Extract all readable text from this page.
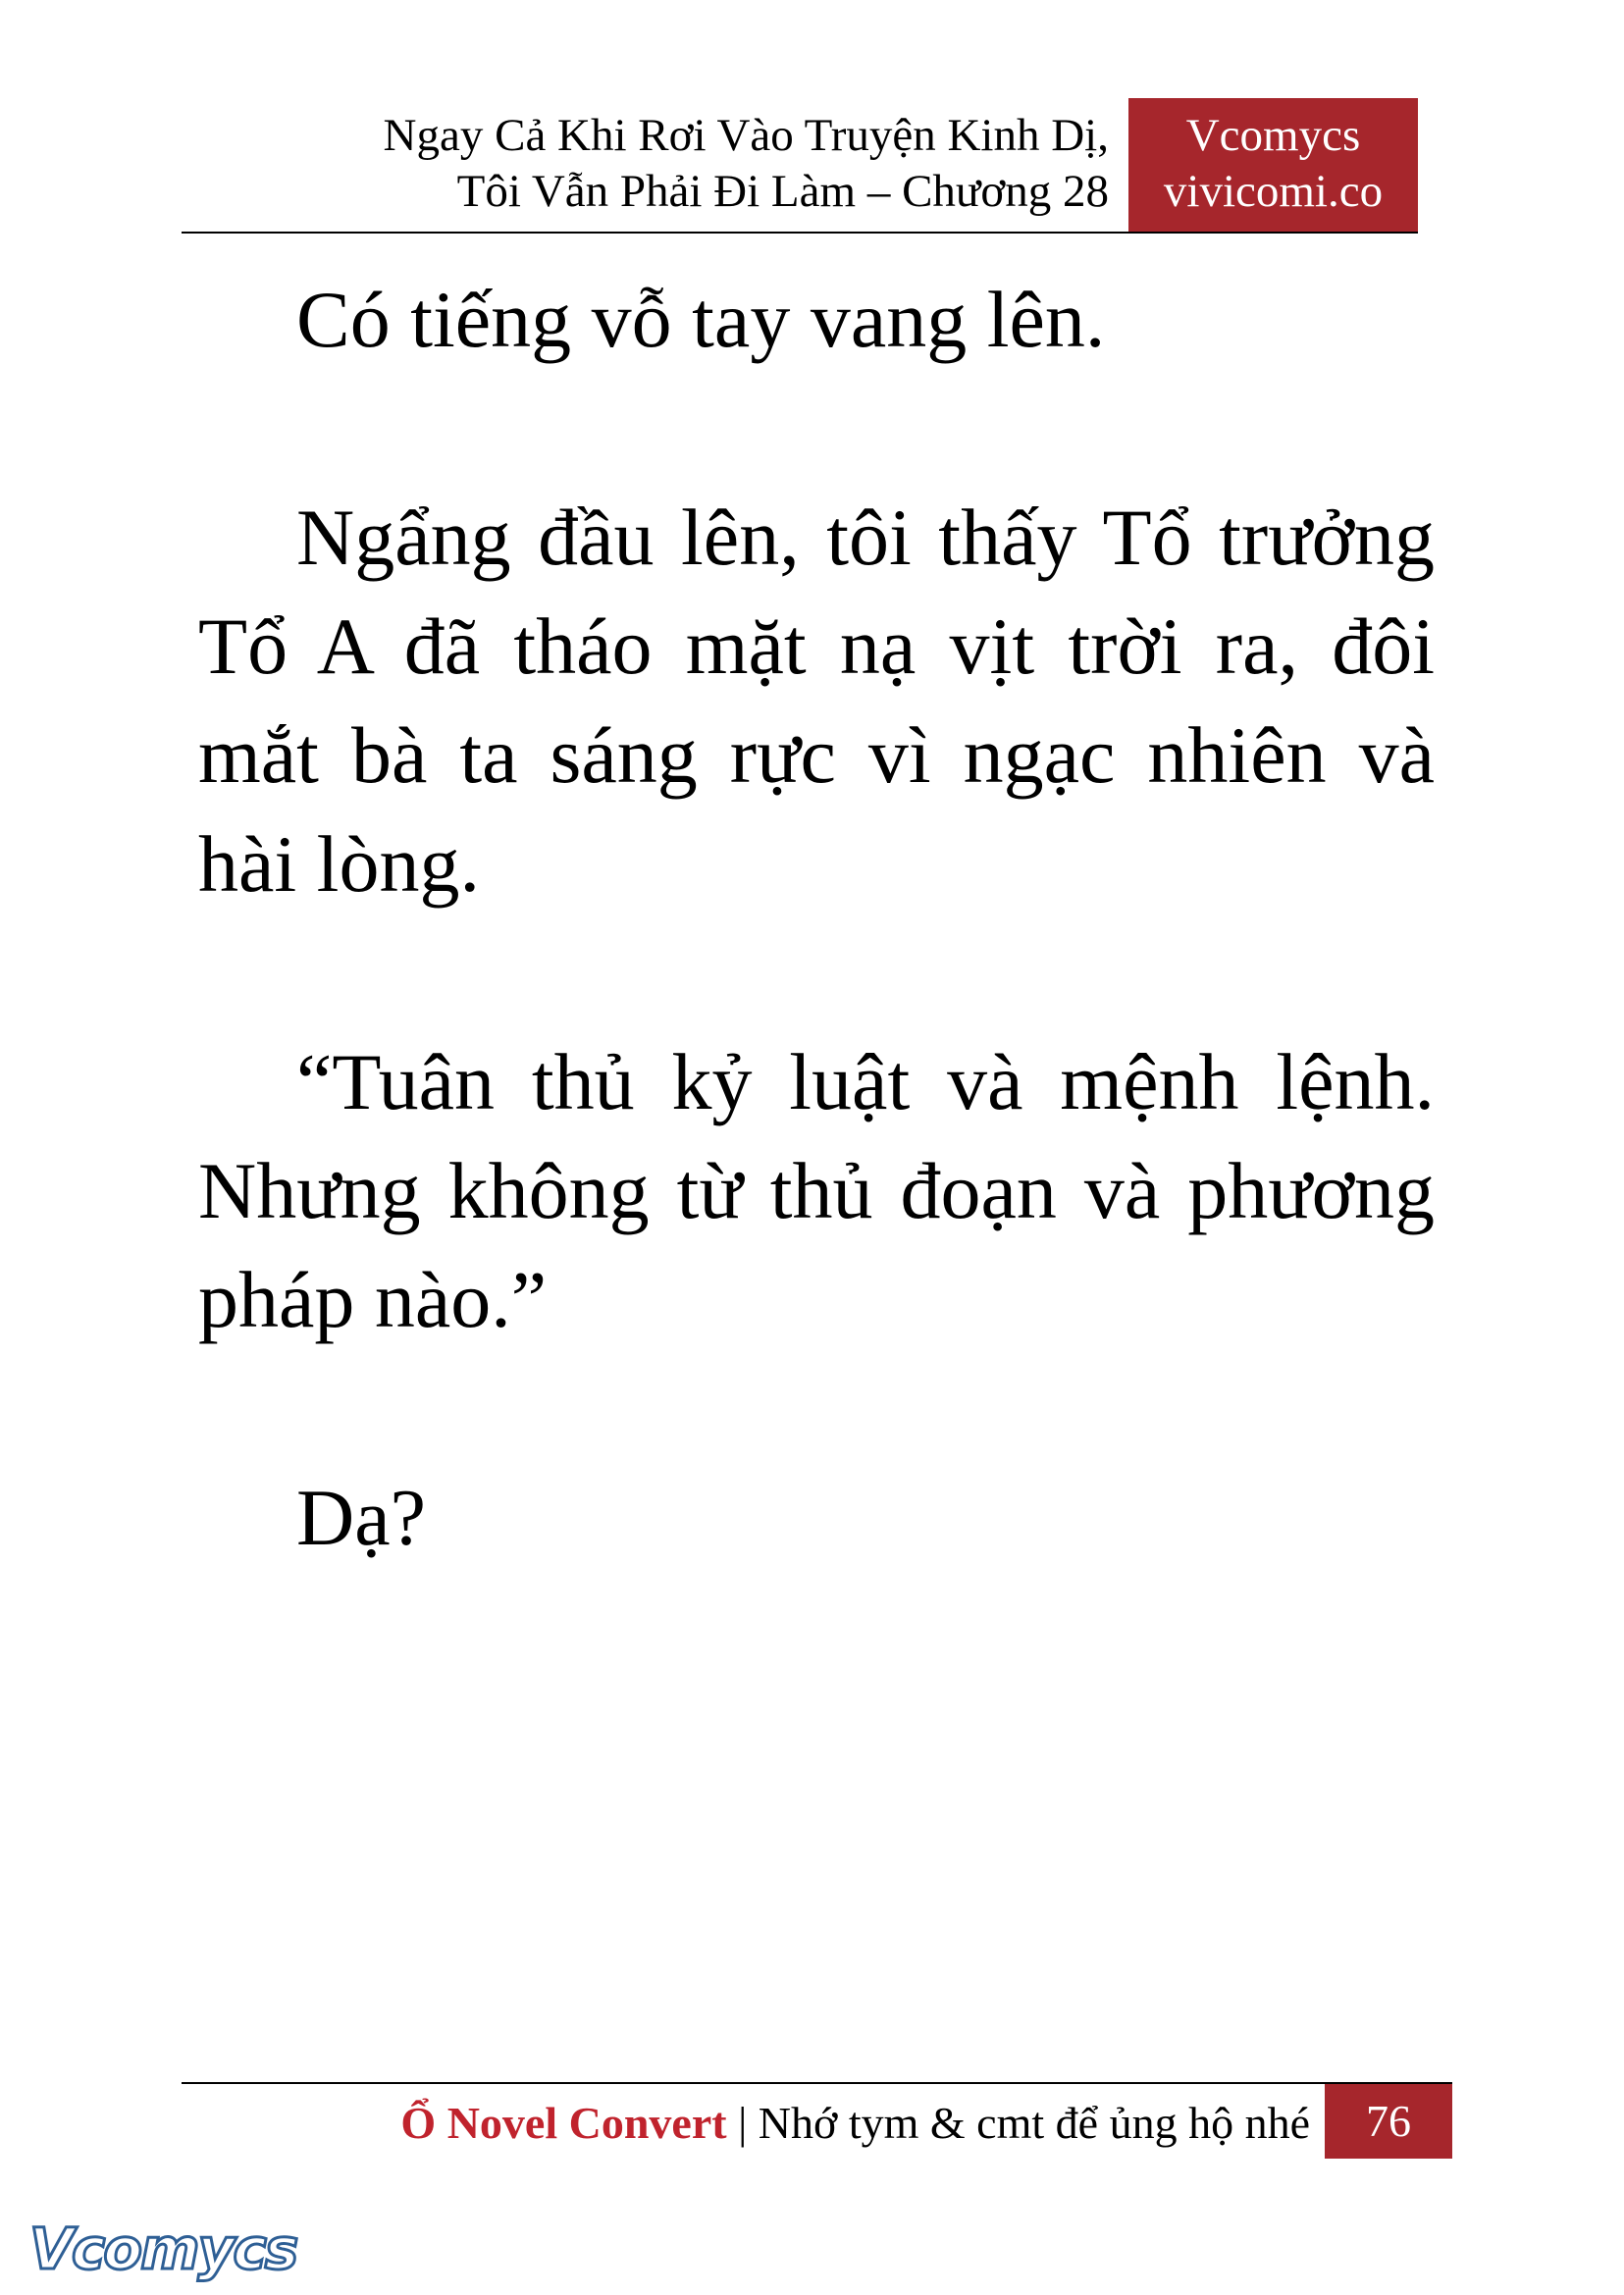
Ngay Cả Khi Rơi Vào Truyện Kinh Dị,
Tôi Vẫn Phải Đi Làm – Chương 28
Vcomycs
vivicomi.co

Có tiếng vỗ tay vang lên.

Ngẩng đầu lên, tôi thấy Tổ trưởng Tổ A đã tháo mặt nạ vịt trời ra, đôi mắt bà ta sáng rực vì ngạc nhiên và hài lòng.

“Tuân thủ kỷ luật và mệnh lệnh. Nhưng không từ thủ đoạn và phương pháp nào.”

Dạ?

Ổ Novel Convert | Nhớ tym & cmt để ủng hộ nhé	76
Vcomycs
